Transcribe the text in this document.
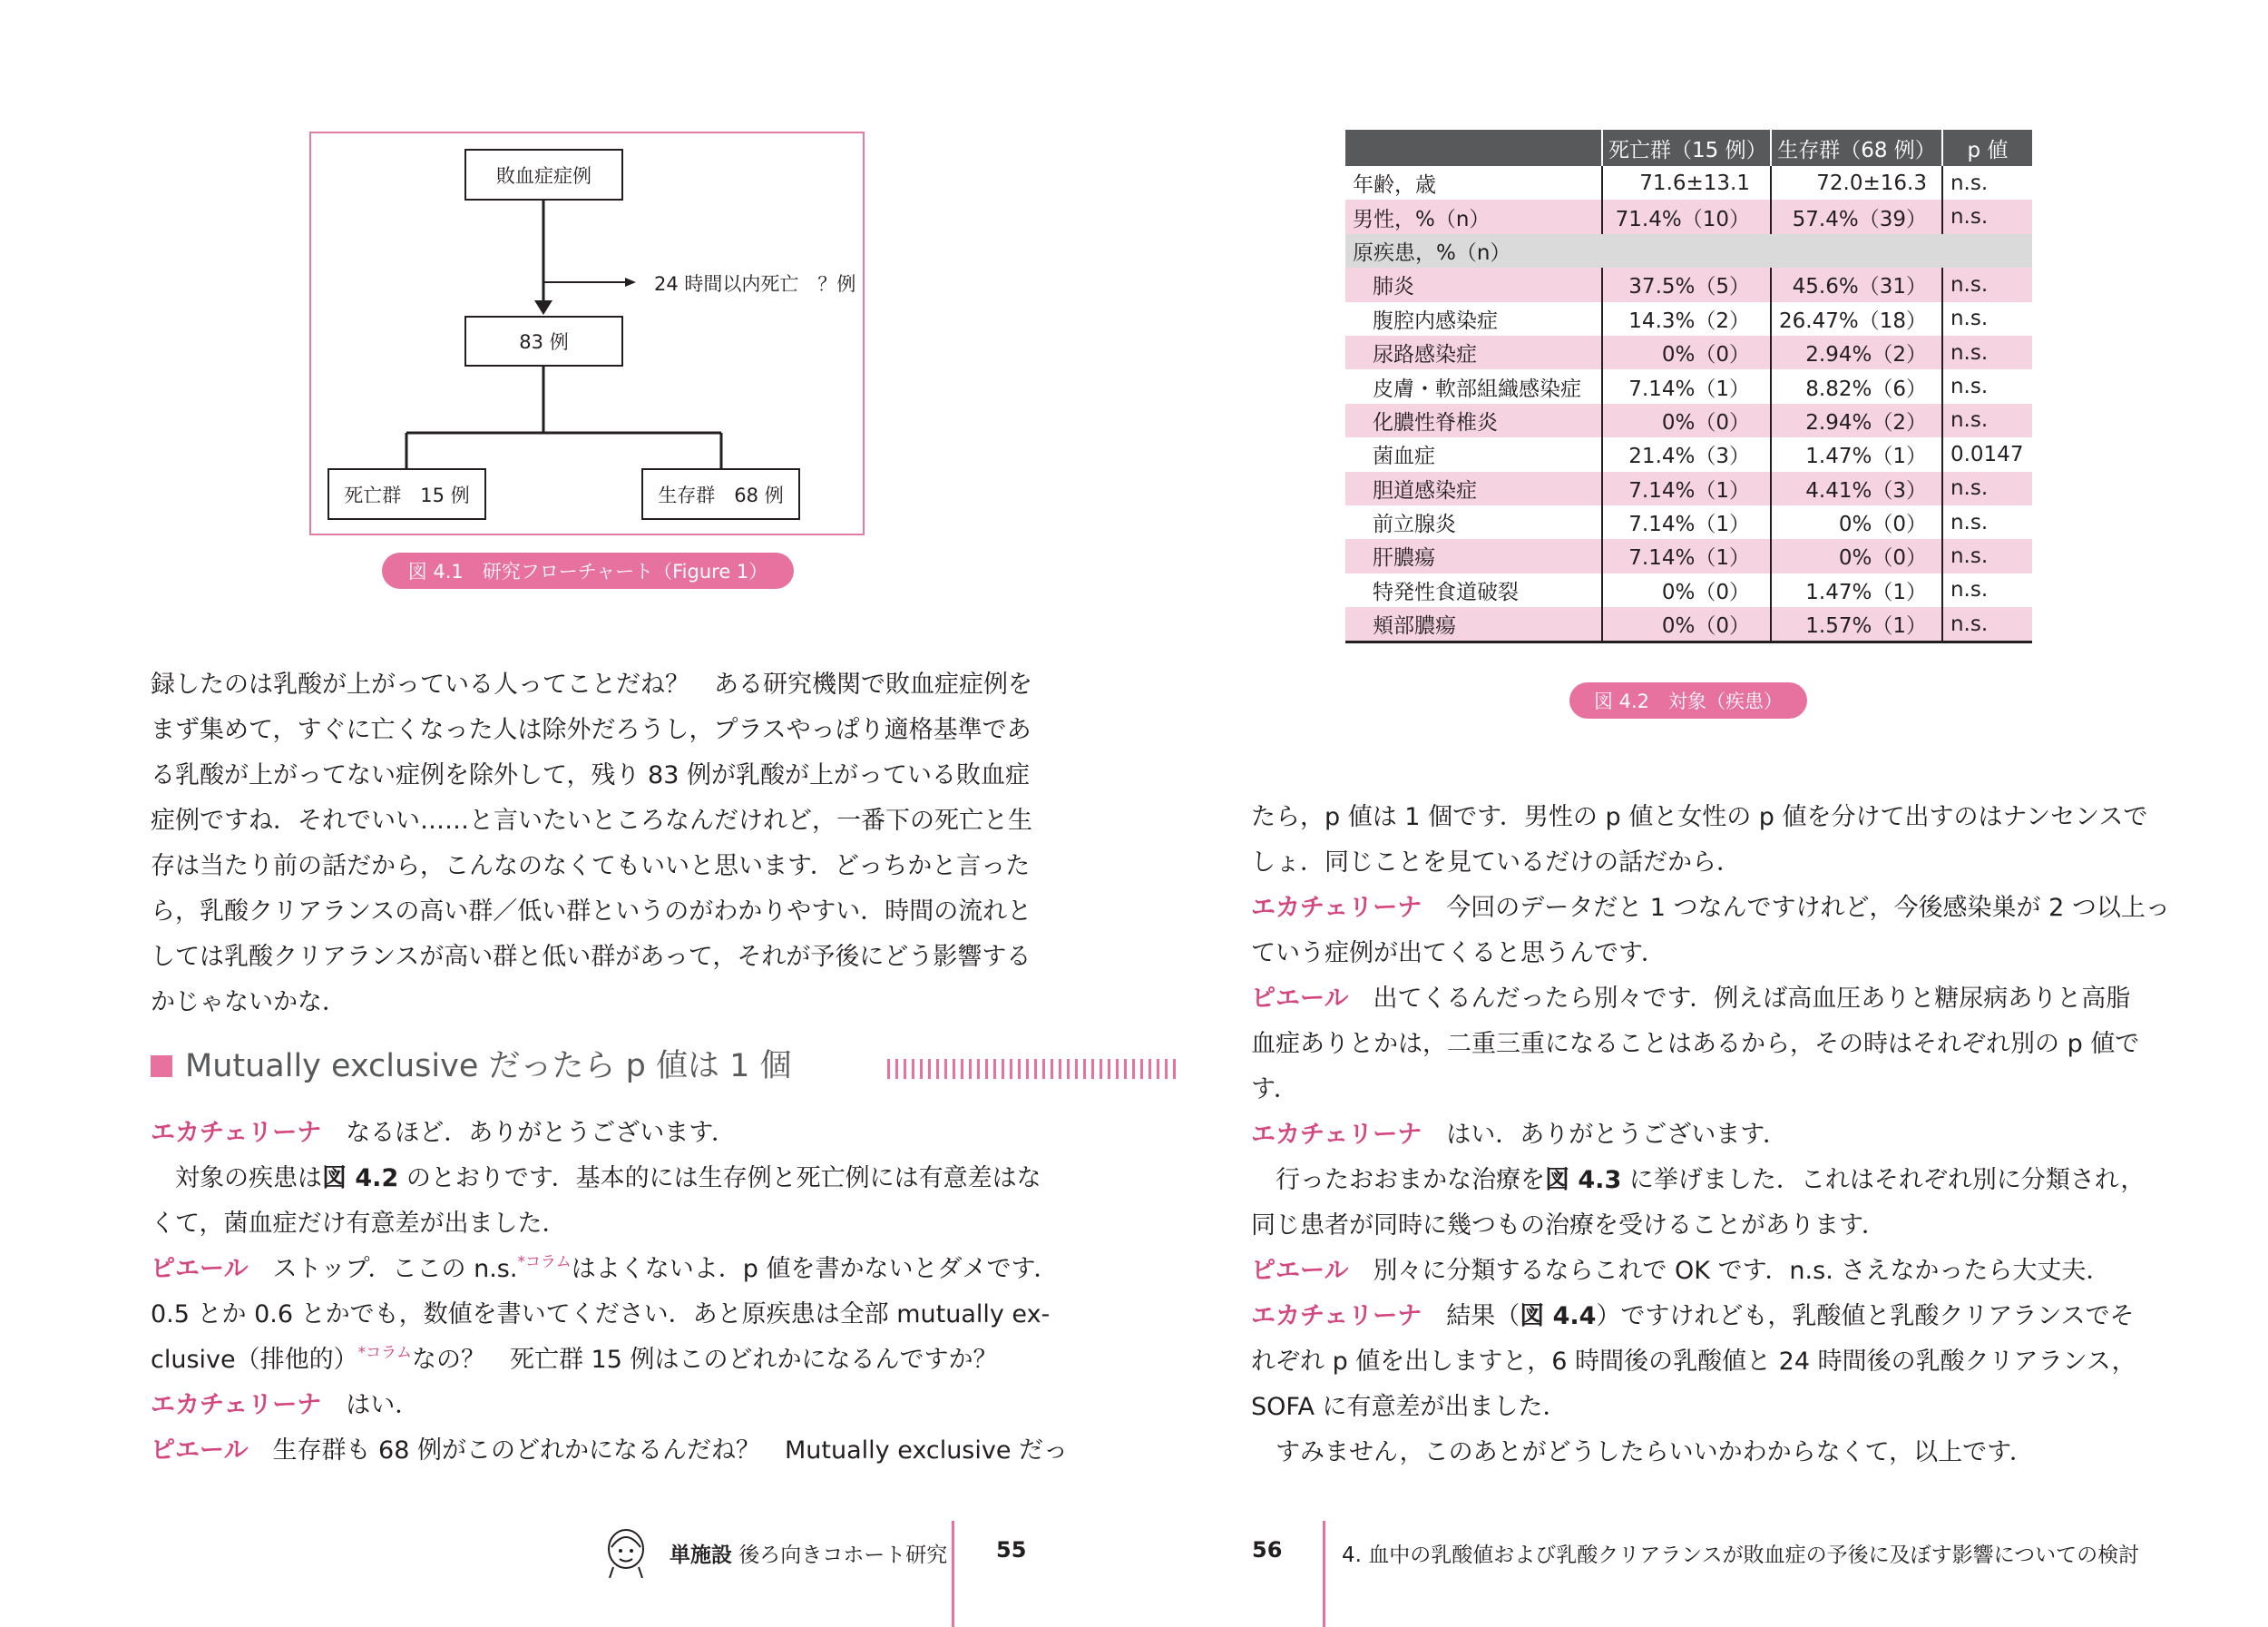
敗血症症例
24 時間以内死亡　？例
83 例
死亡群　15 例	生存群　68 例
図 4.1　研究フローチャート（Figure 1）
録したのは乳酸が上がっている人ってことだね？　ある研究機関で敗血症症例を
まず集めて，すぐに亡くなった人は除外だろうし，プラスやっぱり適格基準であ
る乳酸が上がってない症例を除外して，残り 83 例が乳酸が上がっている敗血症
症例ですね．それでいい……と言いたいところなんだけれど，一番下の死亡と生
存は当たり前の話だから，こんなのなくてもいいと思います．どっちかと言った
ら，乳酸クリアランスの高い群／低い群というのがわかりやすい．時間の流れと
しては乳酸クリアランスが高い群と低い群があって，それが予後にどう影響する
かじゃないかな．
Mutually exclusive だったら p 値は 1 個
エカチェリーナ　なるほど．ありがとうございます．
　対象の疾患は図 4.2 のとおりです．基本的には生存例と死亡例には有意差はな
くて，菌血症だけ有意差が出ました．
ピエール　ストップ．ここの n.s.$^{*コラム}$はよくないよ．p 値を書かないとダメです．
0.5 とか 0.6 とかでも，数値を書いてください．あと原疾患は全部 mutually ex-
clusive（排他的）$^{*コラム}$なの？　死亡群 15 例はこのどれかになるんですか？
エカチェリーナ　はい．
ピエール　生存群も 68 例がこのどれかになるんだね？　Mutually exclusive だっ
単施設 後ろ向きコホート研究 55
	死亡群（15 例）	生存群（68 例）	p 値
年齢，歳	71.6±13.1	72.0±16.3	n.s.
男性，%（n）	71.4%（10）	57.4%（39）	n.s.
原疾患，%（n）			
肺炎	37.5%（5）	45.6%（31）	n.s.
腹腔内感染症	14.3%（2）	26.47%（18）	n.s.
尿路感染症	0%（0）	2.94%（2）	n.s.
皮膚・軟部組織感染症	7.14%（1）	8.82%（6）	n.s.
化膿性脊椎炎	0%（0）	2.94%（2）	n.s.
菌血症	21.4%（3）	1.47%（1）	0.0147
胆道感染症	7.14%（1）	4.41%（3）	n.s.
前立腺炎	7.14%（1）	0%（0）	n.s.
肝膿瘍	7.14%（1）	0%（0）	n.s.
特発性食道破裂	0%（0）	1.47%（1）	n.s.
頬部膿瘍	0%（0）	1.57%（1）	n.s.
図 4.2　対象（疾患）
たら，p 値は 1 個です．男性の p 値と女性の p 値を分けて出すのはナンセンスで
しょ．同じことを見ているだけの話だから．
エカチェリーナ　今回のデータだと 1 つなんですけれど，今後感染巣が 2 つ以上っ
ていう症例が出てくると思うんです．
ピエール　出てくるんだったら別々です．例えば高血圧ありと糖尿病ありと高脂
血症ありとかは，二重三重になることはあるから，その時はそれぞれ別の p 値で
す．
エカチェリーナ　はい．ありがとうございます．
　行ったおおまかな治療を図 4.3 に挙げました．これはそれぞれ別に分類され，
同じ患者が同時に幾つもの治療を受けることがあります．
ピエール　別々に分類するならこれで OK です．n.s. さえなかったら大丈夫．
エカチェリーナ　結果（図 4.4）ですけれども，乳酸値と乳酸クリアランスでそ
れぞれ p 値を出しますと，6 時間後の乳酸値と 24 時間後の乳酸クリアランス，
SOFA に有意差が出ました．
　すみません，このあとがどうしたらいいかわからなくて，以上です．
56	4. 血中の乳酸値および乳酸クリアランスが敗血症の予後に及ぼす影響についての検討
